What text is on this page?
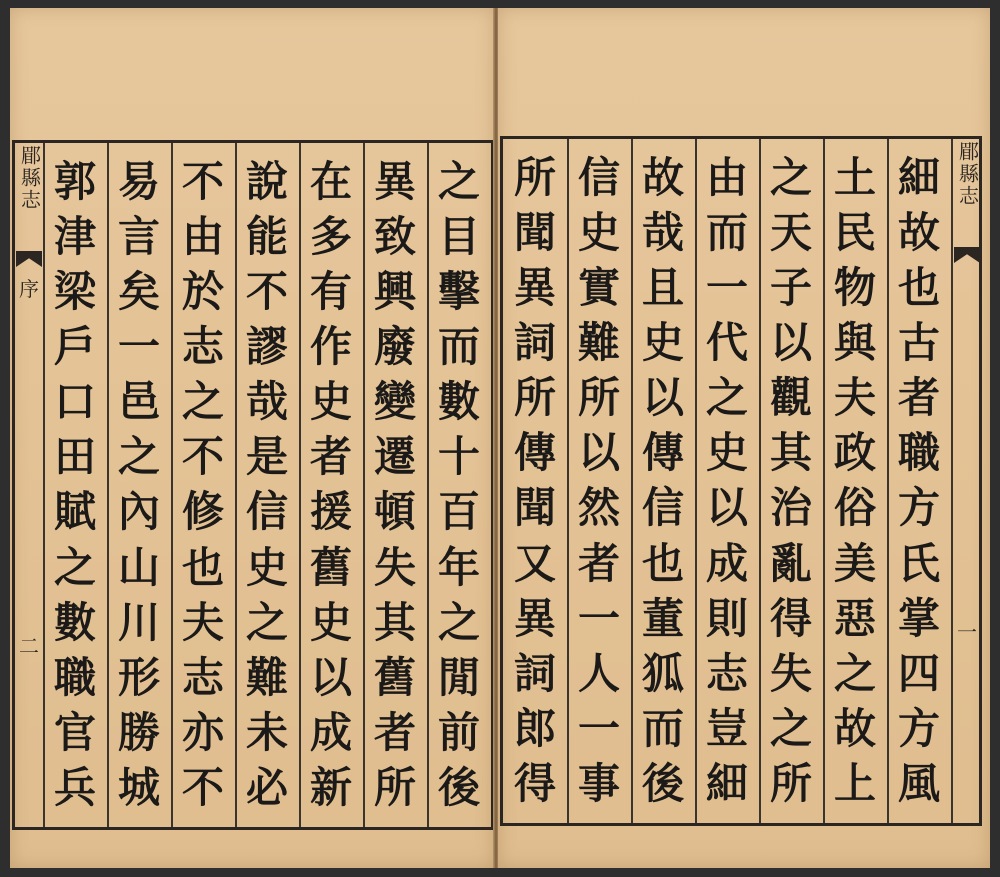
之
目
擊
而
數
十
百
年
之
閒
前
後
異
致
興
廢
變
遷
頓
失
其
舊
者
所
在
多
有
作
史
者
援
舊
史
以
成
新
說
能
不
謬
哉
是
信
史
之
難
未
必
不
由
於
志
之
不
修
也
夫
志
亦
不
易
言
矣
一
邑
之
內
山
川
形
勝
城
郭
津
梁
戶
口
田
賦
之
數
職
官
兵
郿縣志
序
二
細
故
也
古
者
職
方
氏
掌
四
方
風
土
民
物
與
夫
政
俗
美
惡
之
故
上
之
天
子
以
觀
其
治
亂
得
失
之
所
由
而
一
代
之
史
以
成
則
志
豈
細
故
哉
且
史
以
傳
信
也
董
狐
而
後
信
史
實
難
所
以
然
者
一
人
一
事
所
聞
異
詞
所
傳
聞
又
異
詞
郎
得
郿縣志
一
